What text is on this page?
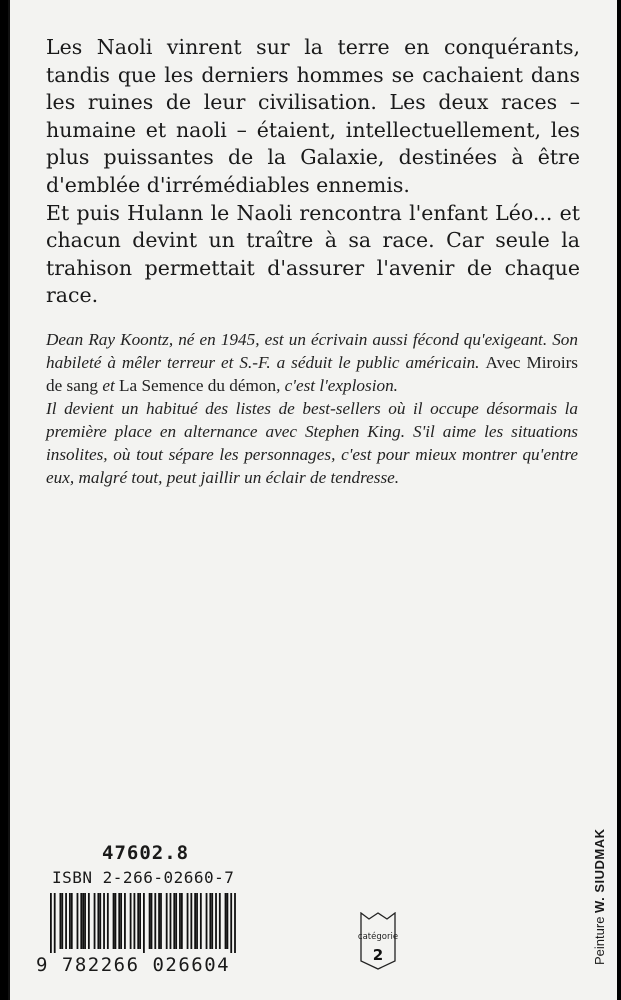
Les Naoli vinrent sur la terre en conquérants, tandis que les derniers hommes se cachaient dans les ruines de leur civilisation. Les deux races – humaine et naoli – étaient, intellectuellement, les plus puissantes de la Galaxie, destinées à être d'emblée d'irrémédiables ennemis.

Et puis Hulann le Naoli rencontra l'enfant Léo... et chacun devint un traître à sa race. Car seule la trahison permettait d'assurer l'avenir de chaque race.

Dean Ray Koontz, né en 1945, est un écrivain aussi fécond qu'exigeant. Son habileté à mêler terreur et S.-F. a séduit le public américain. Avec Miroirs de sang et La Semence du démon, c'est l'explosion.

Il devient un habitué des listes de best-sellers où il occupe désormais la première place en alternance avec Stephen King. S'il aime les situations insolites, où tout sépare les personnages, c'est pour mieux montrer qu'entre eux, malgré tout, peut jaillir un éclair de tendresse.

47602.8
ISBN 2-266-02660-7
9 782266 026604
catégorie
2	Peinture W. SIUDMAK
